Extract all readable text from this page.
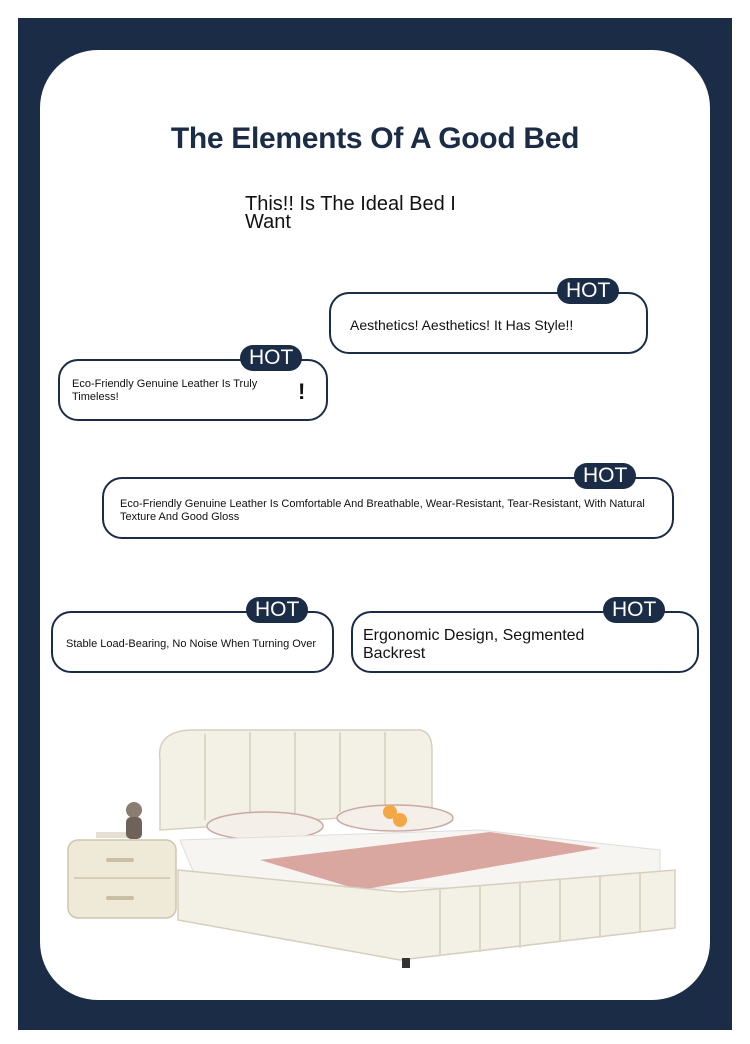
The Elements Of A Good Bed
This!! Is The Ideal Bed I Want
Aesthetics! Aesthetics! It Has Style!!
HOT
Eco-Friendly Genuine Leather Is Truly Timeless!	!
HOT
Eco-Friendly Genuine Leather Is Comfortable And Breathable, Wear-Resistant, Tear-Resistant, With Natural Texture And Good Gloss
HOT
Stable Load-Bearing, No Noise When Turning Over
HOT
Ergonomic Design, Segmented Backrest
HOT
